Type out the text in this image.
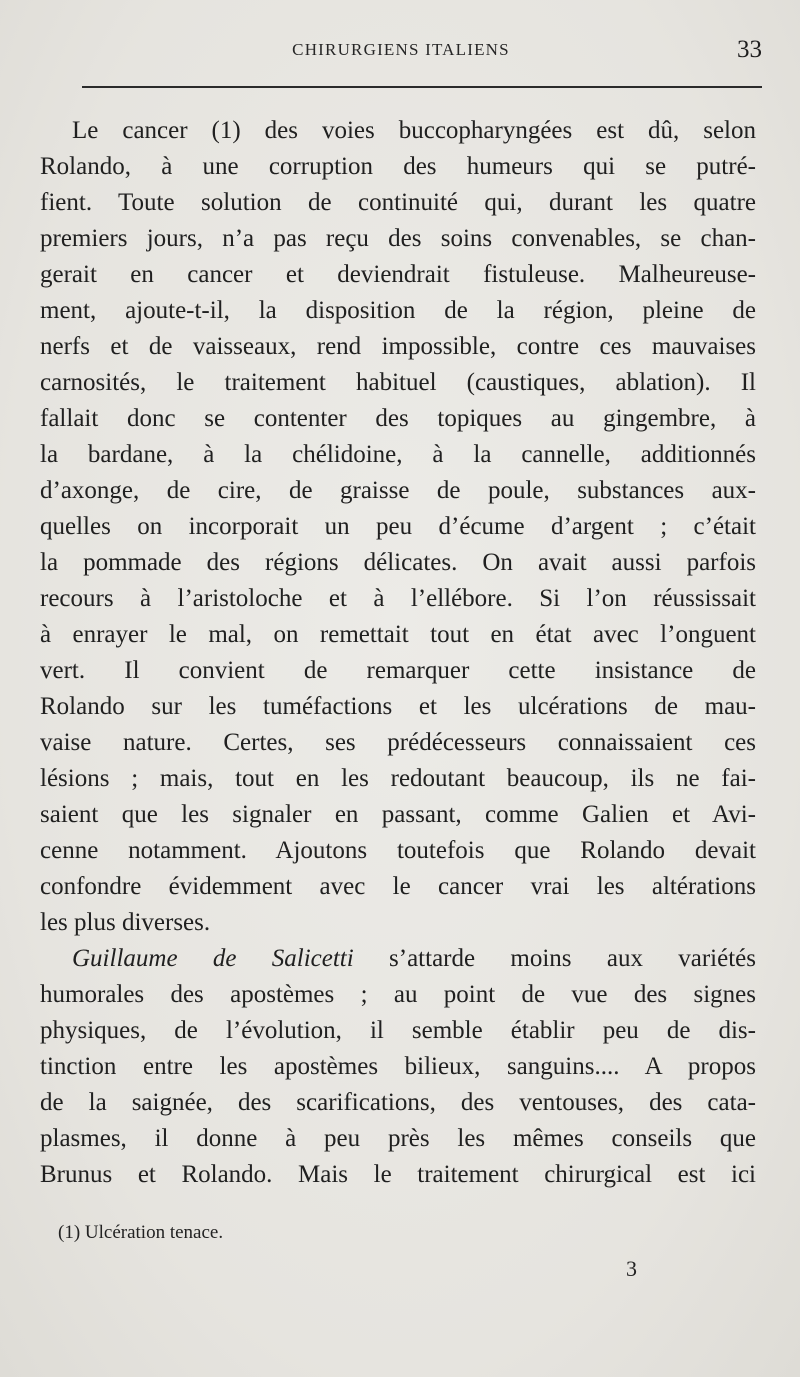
CHIRURGIENS ITALIENS	33
Le cancer (1) des voies buccopharyngées est dû, selon
Rolando, à une corruption des humeurs qui se putré-
fient. Toute solution de continuité qui, durant les quatre
premiers jours, n’a pas reçu des soins convenables, se chan-
gerait en cancer et deviendrait fistuleuse. Malheureuse-
ment, ajoute-t-il, la disposition de la région, pleine de
nerfs et de vaisseaux, rend impossible, contre ces mauvaises
carnosités, le traitement habituel (caustiques, ablation). Il
fallait donc se contenter des topiques au gingembre, à
la bardane, à la chélidoine, à la cannelle, additionnés
d’axonge, de cire, de graisse de poule, substances aux-
quelles on incorporait un peu d’écume d’argent ; c’était
la pommade des régions délicates. On avait aussi parfois
recours à l’aristoloche et à l’ellébore. Si l’on réussissait
à enrayer le mal, on remettait tout en état avec l’onguent
vert. Il convient de remarquer cette insistance de
Rolando sur les tuméfactions et les ulcérations de mau-
vaise nature. Certes, ses prédécesseurs connaissaient ces
lésions ; mais, tout en les redoutant beaucoup, ils ne fai-
saient que les signaler en passant, comme Galien et Avi-
cenne notamment. Ajoutons toutefois que Rolando devait
confondre évidemment avec le cancer vrai les altérations
les plus diverses.
Guillaume de Salicetti s’attarde moins aux variétés
humorales des apostèmes ; au point de vue des signes
physiques, de l’évolution, il semble établir peu de dis-
tinction entre les apostèmes bilieux, sanguins.... A propos
de la saignée, des scarifications, des ventouses, des cata-
plasmes, il donne à peu près les mêmes conseils que
Brunus et Rolando. Mais le traitement chirurgical est ici
(1) Ulcération tenace.
3
